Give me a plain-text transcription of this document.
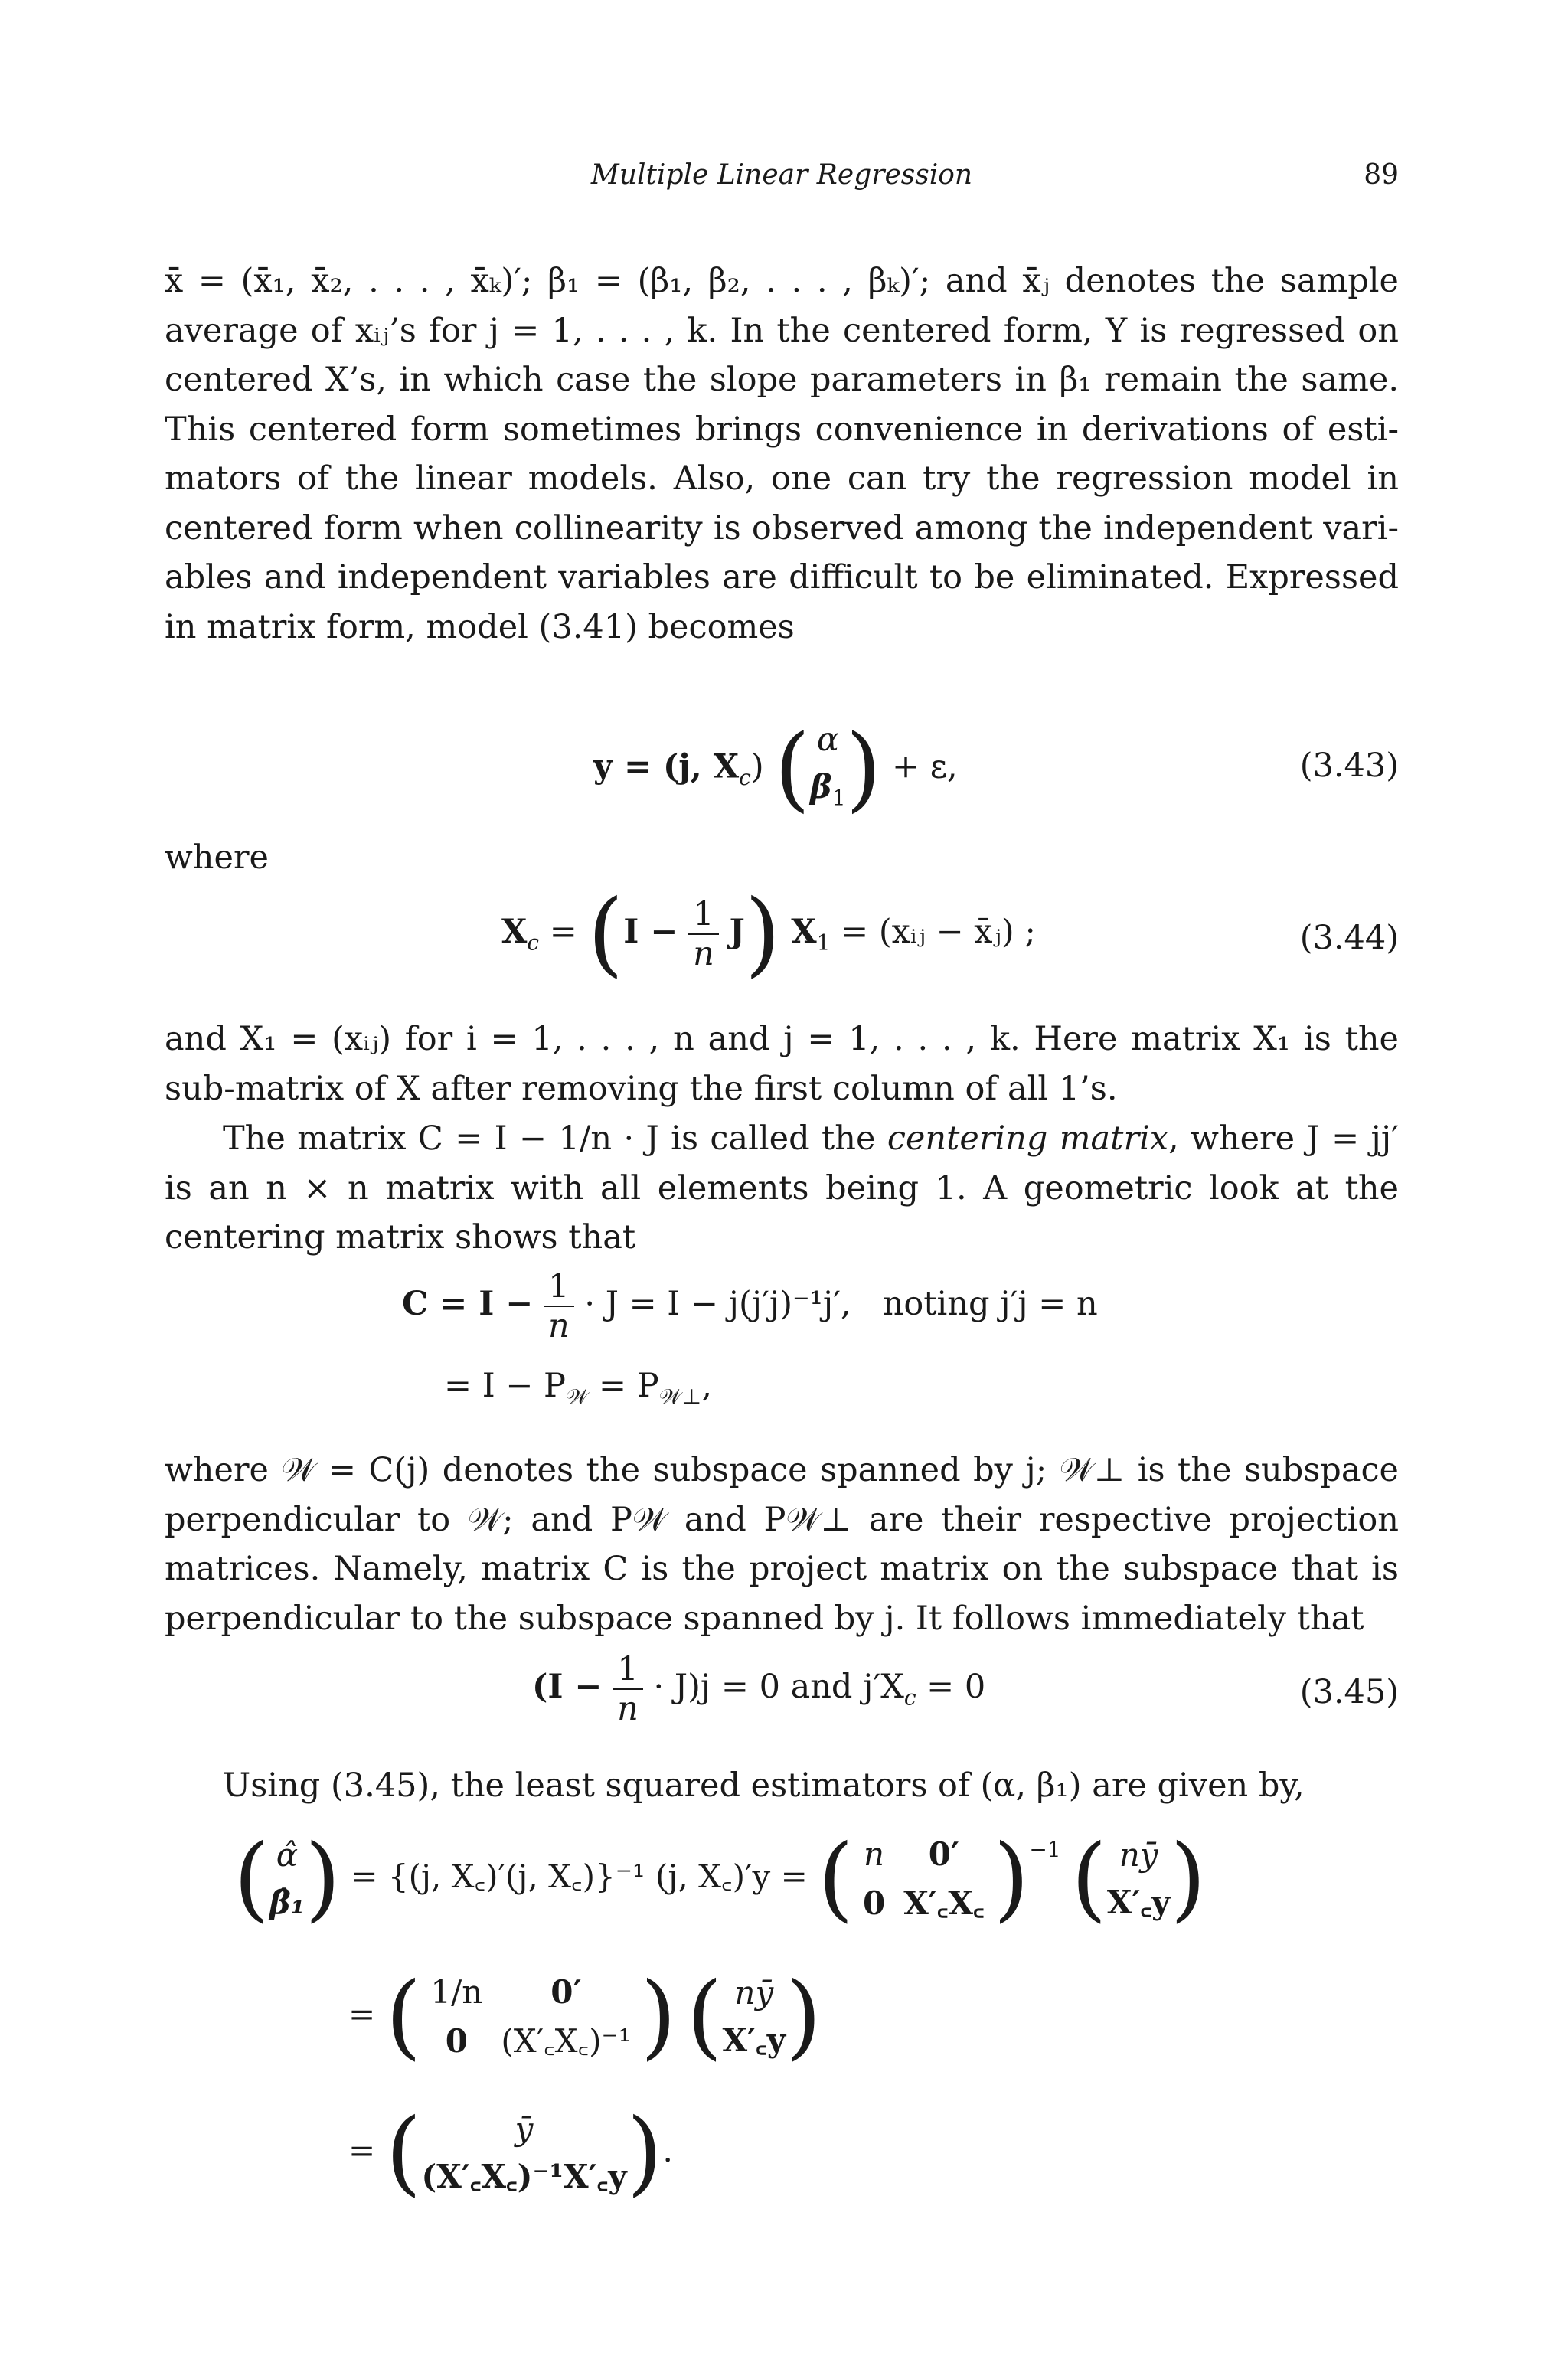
Multiple Linear Regression	89
x̄ = (x̄₁, x̄₂, . . . , x̄ₖ)′; β₁ = (β₁, β₂, . . . , βₖ)′; and x̄ⱼ denotes the sample
average of xᵢⱼ’s for j = 1, . . . , k. In the centered form, Y is regressed on
centered X’s, in which case the slope parameters in β₁ remain the same.
This centered form sometimes brings convenience in derivations of esti-
mators of the linear models. Also, one can try the regression model in
centered form when collinearity is observed among the independent vari-
ables and independent variables are difficult to be eliminated. Expressed
in matrix form, model (3.41) becomes
y = (j, $X_c$) ( α
$\beta_1$ ) + ε,	(3.43)
where
$X_c = (I - \frac{1}{n} J) X_1$ = (xᵢⱼ − x̄ⱼ) ;	(3.44)
and X₁ = (xᵢⱼ) for i = 1, . . . , n and j = 1, . . . , k. Here matrix X₁ is the
sub-matrix of X after removing the first column of all 1’s.
The matrix C = I − 1/n · J is called the centering matrix, where J = jj′
is an n × n matrix with all elements being 1. A geometric look at the
centering matrix shows that
$C = I - \frac{1}{n} \cdot J = I - j(j'j)^{-1}j'$, noting j′j = n
= $I - P_𝒲 = P_{𝒲\perp}$,
where 𝒲 = C(j) denotes the subspace spanned by j; 𝒲⊥ is the subspace
perpendicular to 𝒲; and P𝒲 and P𝒲⊥ are their respective projection
matrices. Namely, matrix C is the project matrix on the subspace that is
perpendicular to the subspace spanned by j. It follows immediately that
$(I - \frac{1}{n} \cdot J)j = 0$ and $j'X_c = 0$	(3.45)
Using (3.45), the least squared estimators of (α, β₁) are given by,
( α̂
β̂₁ ) = {(j, X꜀)′(j, X꜀)}⁻¹ (j, X꜀)′y = ( n	0′
0	X′꜀X꜀ )$^{-1}$ ( nȳ
X′꜀y )
= ( 1/n	0′
0	(X′꜀X꜀)⁻¹ ) ( nȳ
X′꜀y )
= (	ȳ
(X′꜀X꜀)⁻¹X′꜀y ).
